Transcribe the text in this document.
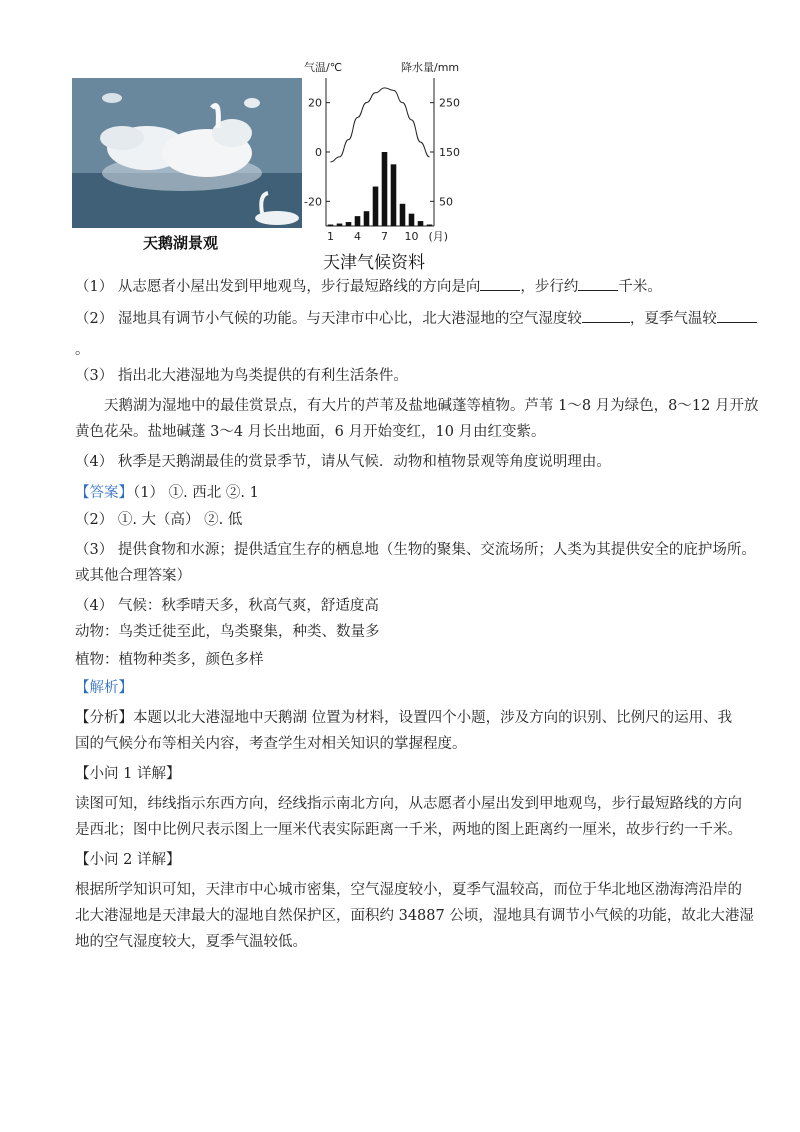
天鹅湖景观
气温/℃	降水量/mm
20
0
-20
250
150
50
1 4 7 10 (月)
天津气候资料
（1） 从志愿者小屋出发到甲地观鸟，步行最短路线的方向是向	，步行约	千米。
（2） 湿地具有调节小气候的功能。与天津市中心比，北大港湿地的空气湿度较	，夏季气温较
。
（3） 指出北大港湿地为鸟类提供的有利生活条件。
天鹅湖为湿地中的最佳赏景点，有大片的芦苇及盐地碱蓬等植物。芦苇 1～8 月为绿色，8～12 月开放
黄色花朵。盐地碱蓬 3～4 月长出地面，6 月开始变红，10 月由红变紫。
（4） 秋季是天鹅湖最佳的赏景季节，请从气候．动物和植物景观等角度说明理由。
【答案】（1） ①. 西北 ②. 1
（2） ①. 大（高） ②. 低
（3） 提供食物和水源；提供适宜生存的栖息地（生物的聚集、交流场所；人类为其提供安全的庇护场所。
或其他合理答案）
（4） 气候：秋季晴天多，秋高气爽，舒适度高
动物：鸟类迁徙至此，鸟类聚集，种类、数量多
植物：植物种类多，颜色多样
【解析】
【分析】本题以北大港湿地中天鹅湖 位置为材料，设置四个小题，涉及方向的识别、比例尺的运用、我
国的气候分布等相关内容，考查学生对相关知识的掌握程度。
【小问 1 详解】
读图可知，纬线指示东西方向，经线指示南北方向，从志愿者小屋出发到甲地观鸟，步行最短路线的方向
是西北；图中比例尺表示图上一厘米代表实际距离一千米，两地的图上距离约一厘米，故步行约一千米。
【小问 2 详解】
根据所学知识可知，天津市中心城市密集，空气湿度较小，夏季气温较高，而位于华北地区渤海湾沿岸的
北大港湿地是天津最大的湿地自然保护区，面积约 34887 公顷，湿地具有调节小气候的功能，故北大港湿
地的空气湿度较大，夏季气温较低。
